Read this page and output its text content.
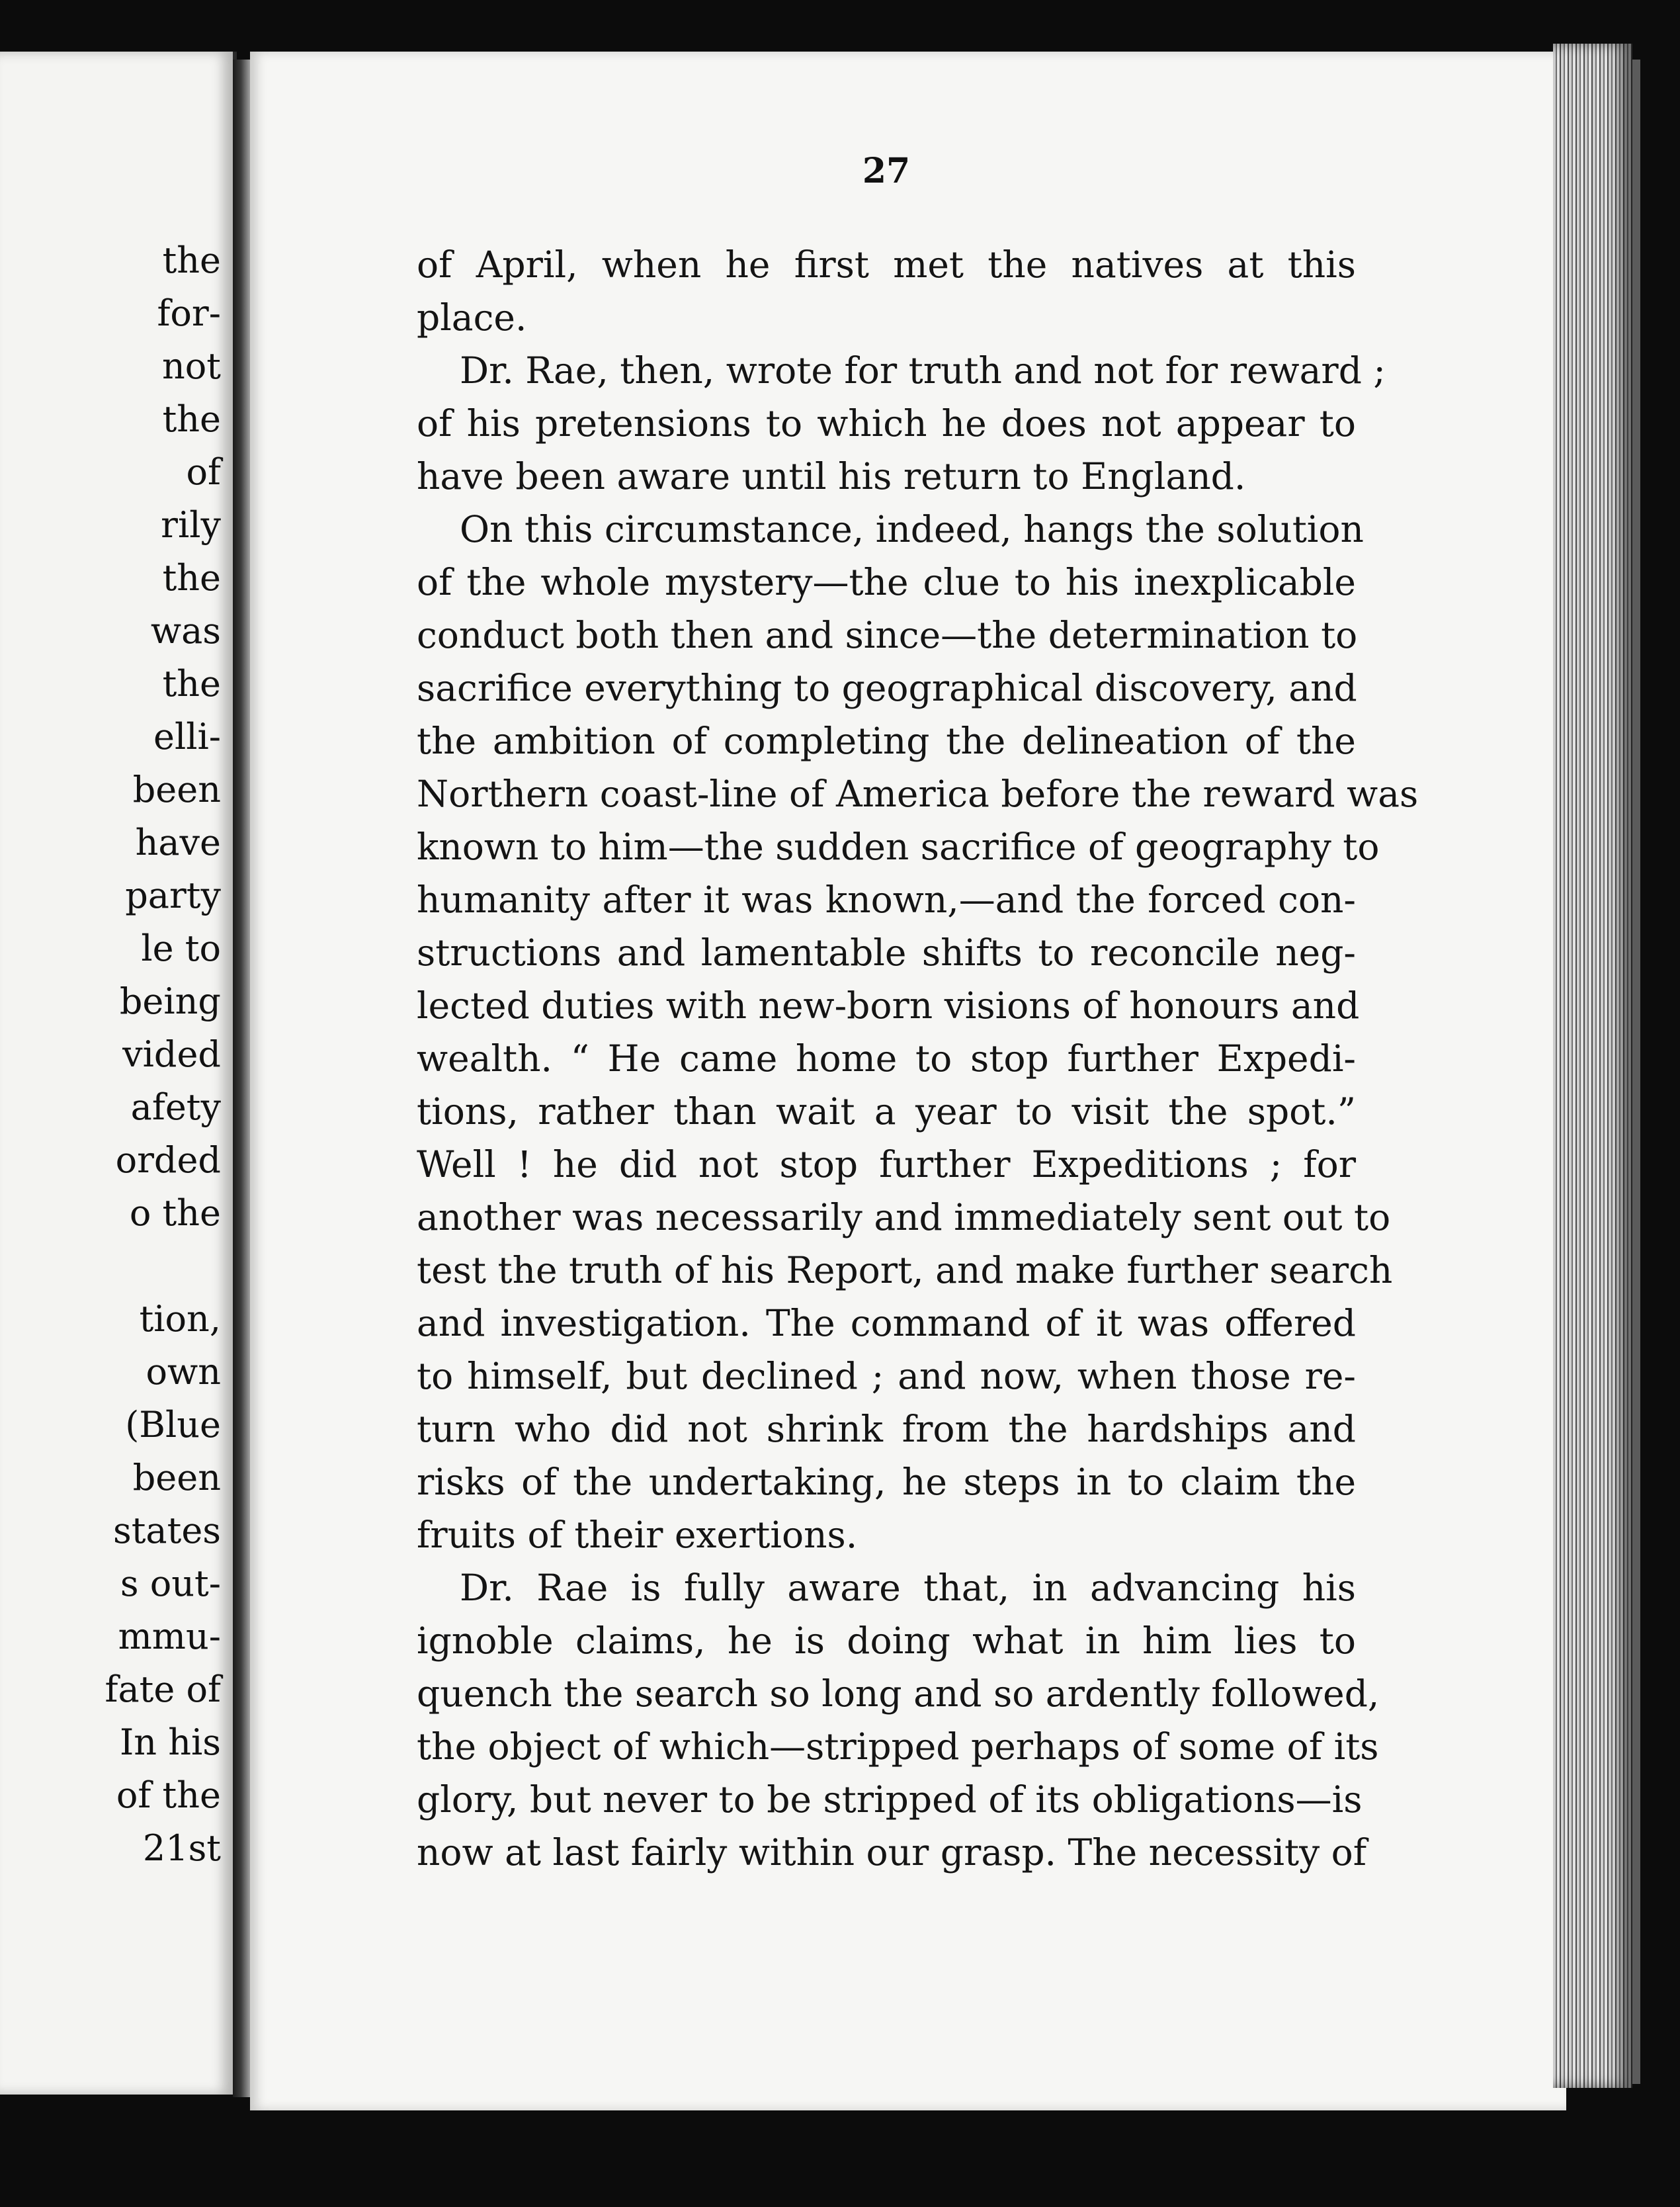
the
for-
not
the
of
rily
the
was
the
elli-
been
have
party
le to
being
vided
afety
orded
o the
tion,
own
(Blue
been
states
s out-
mmu-
fate of
In his
of the
21st
27
of April, when he first met the natives at this
place.
Dr. Rae, then, wrote for truth and not for reward ;
of his pretensions to which he does not appear to
have been aware until his return to England.
On this circumstance, indeed, hangs the solution
of the whole mystery—the clue to his inexplicable
conduct both then and since—the determination to
sacrifice everything to geographical discovery, and
the ambition of completing the delineation of the
Northern coast-line of America before the reward was
known to him—the sudden sacrifice of geography to
humanity after it was known,—and the forced con-
structions and lamentable shifts to reconcile neg-
lected duties with new-born visions of honours and
wealth. “ He came home to stop further Expedi-
tions, rather than wait a year to visit the spot.”
Well ! he did not stop further Expeditions ; for
another was necessarily and immediately sent out to
test the truth of his Report, and make further search
and investigation. The command of it was offered
to himself, but declined ; and now, when those re-
turn who did not shrink from the hardships and
risks of the undertaking, he steps in to claim the
fruits of their exertions.
Dr. Rae is fully aware that, in advancing his
ignoble claims, he is doing what in him lies to
quench the search so long and so ardently followed,
the object of which—stripped perhaps of some of its
glory, but never to be stripped of its obligations—is
now at last fairly within our grasp. The necessity of
